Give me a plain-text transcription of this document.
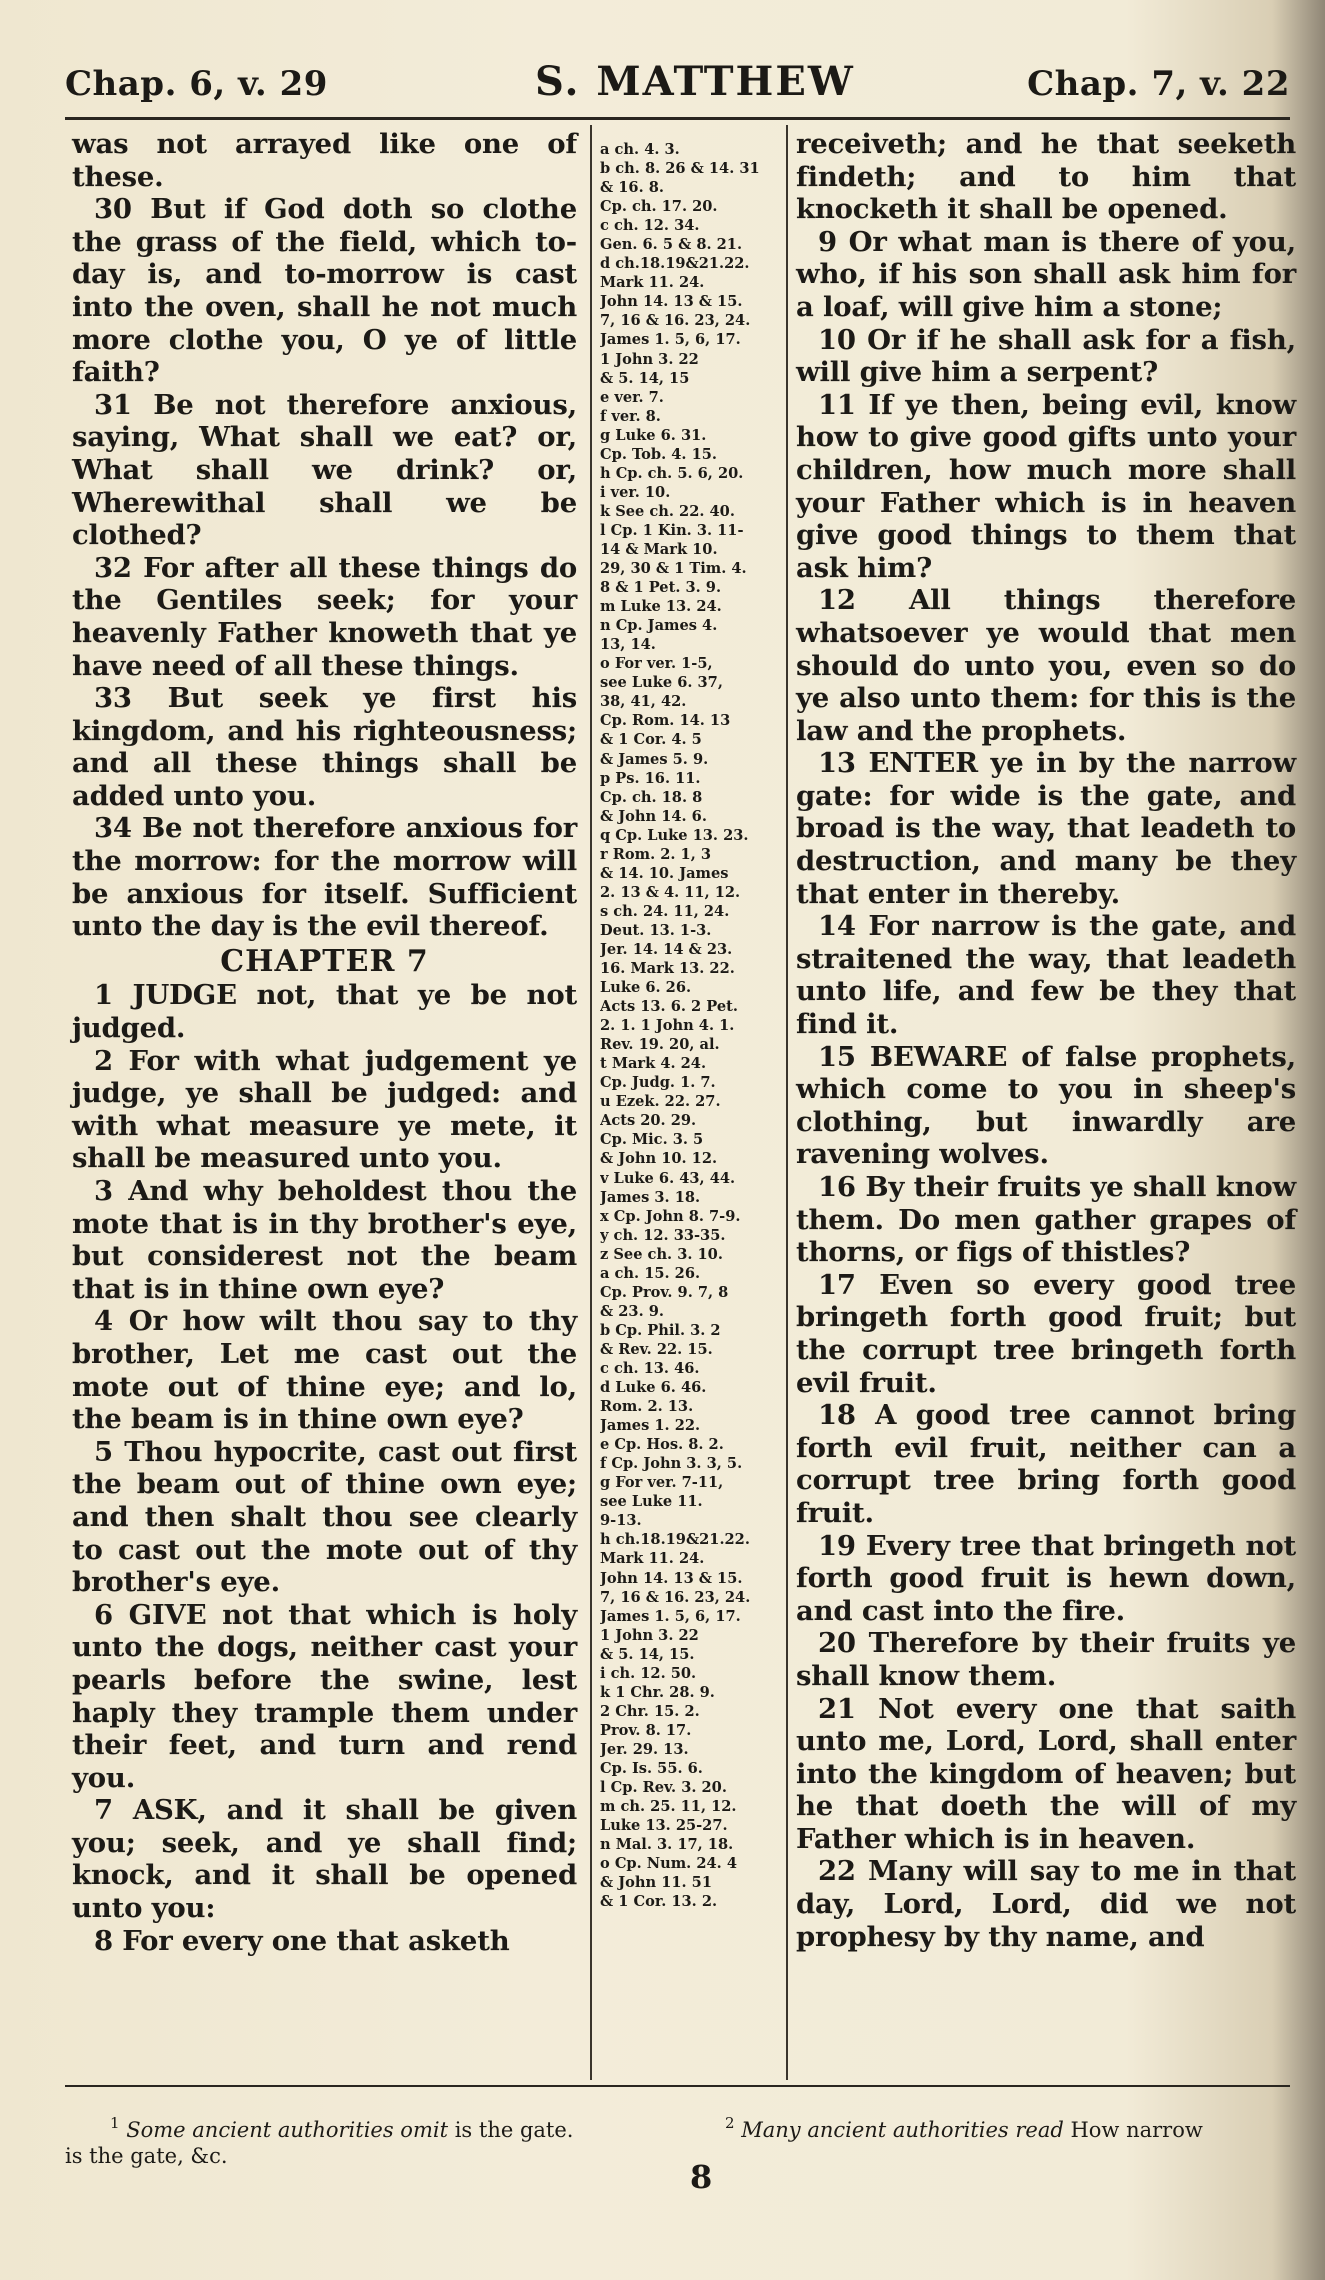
Chap. 6, v. 29	S. MATTHEW	Chap. 7, v. 22

was not arrayed like one of these.

30 But if God doth so clothe the grass of the field, which to-day is, and to-morrow is cast into the oven, shall he not much more clothe you, O ye of little faith?

31 Be not therefore anxious, saying, What shall we eat? or, What shall we drink? or, Wherewithal shall we be clothed?

32 For after all these things do the Gentiles seek; for your heavenly Father knoweth that ye have need of all these things.

33 But seek ye first his kingdom, and his righteousness; and all these things shall be added unto you.

34 Be not therefore anxious for the morrow: for the morrow will be anxious for itself. Sufficient unto the day is the evil thereof.

CHAPTER 7

1 JUDGE not, that ye be not judged.

2 For with what judgement ye judge, ye shall be judged: and with what measure ye mete, it shall be measured unto you.

3 And why beholdest thou the mote that is in thy brother's eye, but considerest not the beam that is in thine own eye?

4 Or how wilt thou say to thy brother, Let me cast out the mote out of thine eye; and lo, the beam is in thine own eye?

5 Thou hypocrite, cast out first the beam out of thine own eye; and then shalt thou see clearly to cast out the mote out of thy brother's eye.

6 GIVE not that which is holy unto the dogs, neither cast your pearls before the swine, lest haply they trample them under their feet, and turn and rend you.

7 ASK, and it shall be given you; seek, and ye shall find; knock, and it shall be opened unto you:

8 For every one that asketh

a ch. 4. 3.
b ch. 8. 26 & 14. 31
& 16. 8.
Cp. ch. 17. 20.
c ch. 12. 34.
Gen. 6. 5 & 8. 21.
d ch.18.19&21.22.
Mark 11. 24.
John 14. 13 & 15.
7, 16 & 16. 23, 24.
James 1. 5, 6, 17.
1 John 3. 22
& 5. 14, 15
e ver. 7.
f ver. 8.
g Luke 6. 31.
Cp. Tob. 4. 15.
h Cp. ch. 5. 6, 20.
i ver. 10.
k See ch. 22. 40.
l Cp. 1 Kin. 3. 11-
14 & Mark 10.
29, 30 & 1 Tim. 4.
8 & 1 Pet. 3. 9.
m Luke 13. 24.
n Cp. James 4.
13, 14.
o For ver. 1-5,
see Luke 6. 37,
38, 41, 42.
Cp. Rom. 14. 13
& 1 Cor. 4. 5
& James 5. 9.
p Ps. 16. 11.
Cp. ch. 18. 8
& John 14. 6.
q Cp. Luke 13. 23.
r Rom. 2. 1, 3
& 14. 10. James
2. 13 & 4. 11, 12.
s ch. 24. 11, 24.
Deut. 13. 1-3.
Jer. 14. 14 & 23.
16. Mark 13. 22.
Luke 6. 26.
Acts 13. 6. 2 Pet.
2. 1. 1 John 4. 1.
Rev. 19. 20, al.
t Mark 4. 24.
Cp. Judg. 1. 7.
u Ezek. 22. 27.
Acts 20. 29.
Cp. Mic. 3. 5
& John 10. 12.
v Luke 6. 43, 44.
James 3. 18.
x Cp. John 8. 7-9.
y ch. 12. 33-35.
z See ch. 3. 10.
a ch. 15. 26.
Cp. Prov. 9. 7, 8
& 23. 9.
b Cp. Phil. 3. 2
& Rev. 22. 15.
c ch. 13. 46.
d Luke 6. 46.
Rom. 2. 13.
James 1. 22.
e Cp. Hos. 8. 2.
f Cp. John 3. 3, 5.
g For ver. 7-11,
see Luke 11.
9-13.
h ch.18.19&21.22.
Mark 11. 24.
John 14. 13 & 15.
7, 16 & 16. 23, 24.
James 1. 5, 6, 17.
1 John 3. 22
& 5. 14, 15.
i ch. 12. 50.
k 1 Chr. 28. 9.
2 Chr. 15. 2.
Prov. 8. 17.
Jer. 29. 13.
Cp. Is. 55. 6.
l Cp. Rev. 3. 20.
m ch. 25. 11, 12.
Luke 13. 25-27.
n Mal. 3. 17, 18.
o Cp. Num. 24. 4
& John 11. 51
& 1 Cor. 13. 2.

receiveth; and he that seeketh findeth; and to him that knocketh it shall be opened.

9 Or what man is there of you, who, if his son shall ask him for a loaf, will give him a stone;

10 Or if he shall ask for a fish, will give him a serpent?

11 If ye then, being evil, know how to give good gifts unto your children, how much more shall your Father which is in heaven give good things to them that ask him?

12 All things therefore whatsoever ye would that men should do unto you, even so do ye also unto them: for this is the law and the prophets.

13 ENTER ye in by the narrow gate: for wide is the gate, and broad is the way, that leadeth to destruction, and many be they that enter in thereby.

14 For narrow is the gate, and straitened the way, that leadeth unto life, and few be they that find it.

15 BEWARE of false prophets, which come to you in sheep's clothing, but inwardly are ravening wolves.

16 By their fruits ye shall know them. Do men gather grapes of thorns, or figs of thistles?

17 Even so every good tree bringeth forth good fruit; but the corrupt tree bringeth forth evil fruit.

18 A good tree cannot bring forth evil fruit, neither can a corrupt tree bring forth good fruit.

19 Every tree that bringeth not forth good fruit is hewn down, and cast into the fire.

20 Therefore by their fruits ye shall know them.

21 Not every one that saith unto me, Lord, Lord, shall enter into the kingdom of heaven; but he that doeth the will of my Father which is in heaven.

22 Many will say to me in that day, Lord, Lord, did we not prophesy by thy name, and

$^1$ Some ancient authorities omit is the gate.	$^2$ Many ancient authorities read How narrow
is the gate, &c.
8
